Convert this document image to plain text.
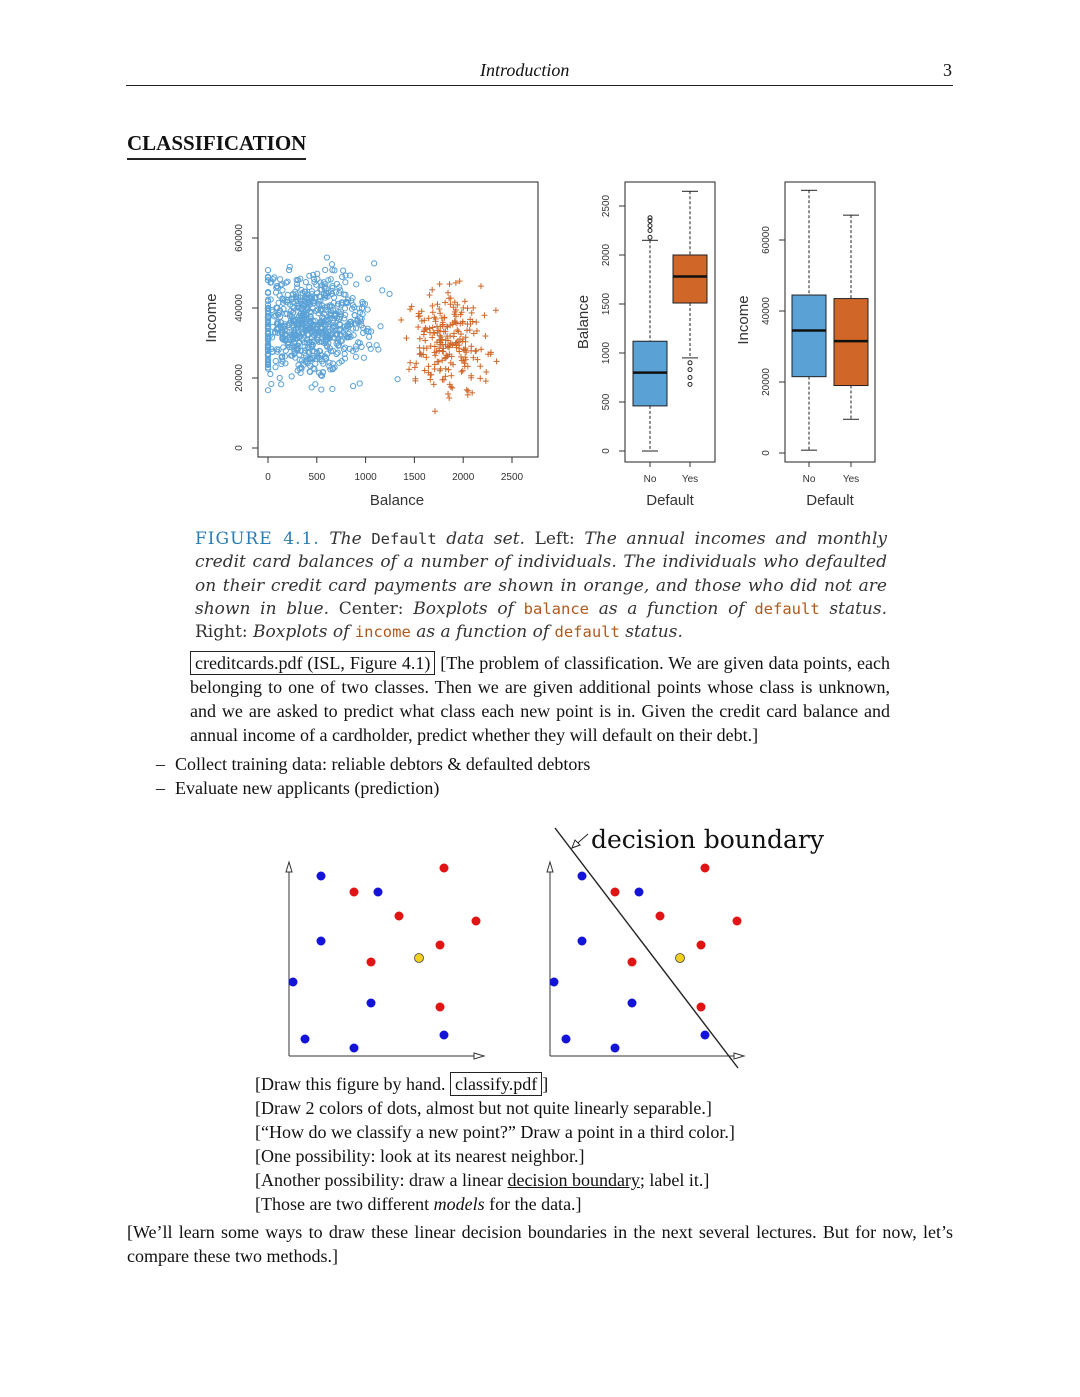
Introduction	3
CLASSIFICATION
0	500	1000	1500	2000	2500
0
20000
40000
60000
Balance
Income
0
500
1000
1500
2000
2500
No	Yes
Default
Balance
0
20000
40000
60000
No	Yes
Default
Income
FIGURE 4.1. The Default data set. Left: The annual incomes and monthly credit card balances of a number of individuals. The individuals who defaulted on their credit card payments are shown in orange, and those who did not are shown in blue. Center: Boxplots of balance as a function of default status. Right: Boxplots of income as a function of default status.
creditcards.pdf (ISL, Figure 4.1) [The problem of classification. We are given data points, each belonging to one of two classes. Then we are given additional points whose class is unknown, and we are asked to predict what class each new point is in. Given the credit card balance and annual income of a cardholder, predict whether they will default on their debt.]
– Collect training data: reliable debtors & defaulted debtors
– Evaluate new applicants (prediction)
decision boundary
[Draw this figure by hand. classify.pdf ]
[Draw 2 colors of dots, almost but not quite linearly separable.]
[“How do we classify a new point?” Draw a point in a third color.]
[One possibility: look at its nearest neighbor.]
[Another possibility: draw a linear decision boundary; label it.]
[Those are two different models for the data.]
[We’ll learn some ways to draw these linear decision boundaries in the next several lectures. But for now, let’s compare these two methods.]
